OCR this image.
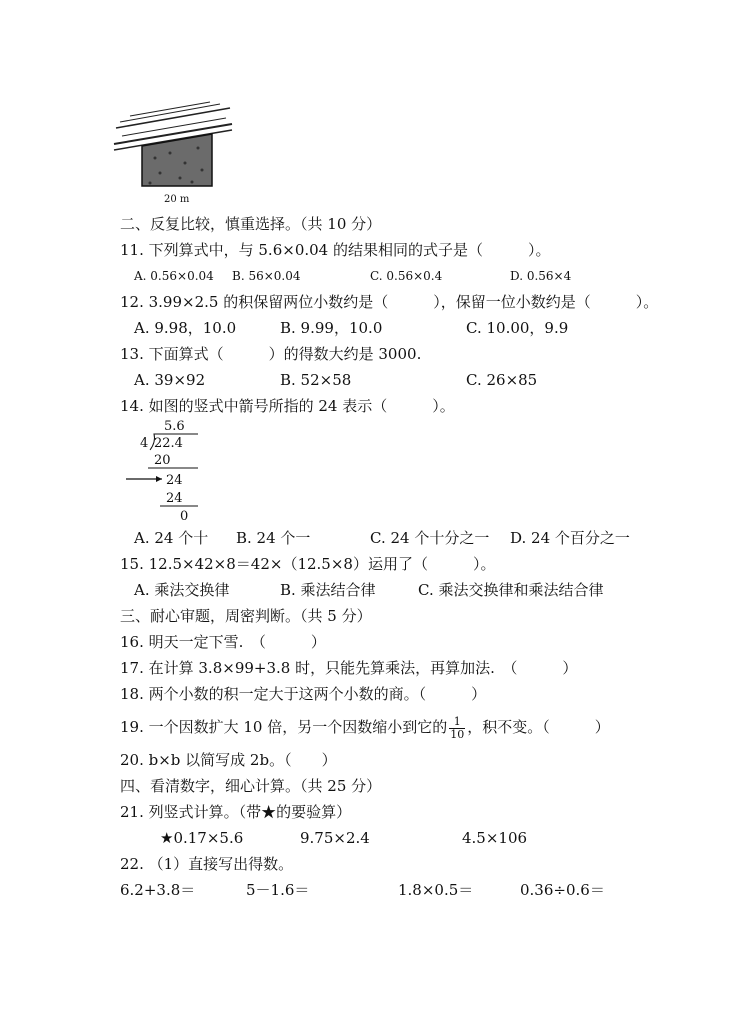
20 m
二、反复比较，慎重选择。（共 10 分）
11. 下列算式中，与 5.6×0.04 的结果相同的式子是（　　　）。
A. 0.56×0.04 B. 56×0.04	C. 0.56×0.4	D. 0.56×4
12. 3.99×2.5 的积保留两位小数约是（　　　），保留一位小数约是（　　　）。
A. 9.98，10.0	B. 9.99，10.0	C. 10.00，9.9
13. 下面算式（　　　）的得数大约是 3000.
A. 39×92	B. 52×58	C. 26×85
14. 如图的竖式中箭号所指的 24 表示（　　　）。
5.6
4 22.4
20
24
24
0
A. 24 个十 B. 24 个一	C. 24 个十分之一 D. 24 个百分之一
15. 12.5×42×8＝42×（12.5×8）运用了（　　　）。
A. 乘法交换律	B. 乘法结合律	C. 乘法交换律和乘法结合律
三、耐心审题，周密判断。（共 5 分）
16. 明天一定下雪.　（　　　）
17. 在计算 3.8×99+3.8 时，只能先算乘法，再算加法.　（　　　）
18. 两个小数的积一定大于这两个小数的商。（　　　）
19. 一个因数扩大 10 倍，另一个因数缩小到它的 $\frac{1}{10}$ ，积不变。（　　　）
20. b×b 以简写成 2b。（　　）
四、看清数字，细心计算。（共 25 分）
21. 列竖式计算。（带★的要验算）
★0.17×5.6	9.75×2.4	4.5×106
22. （1）直接写出得数。
6.2+3.8＝	5－1.6＝	1.8×0.5＝	0.36÷0.6＝
